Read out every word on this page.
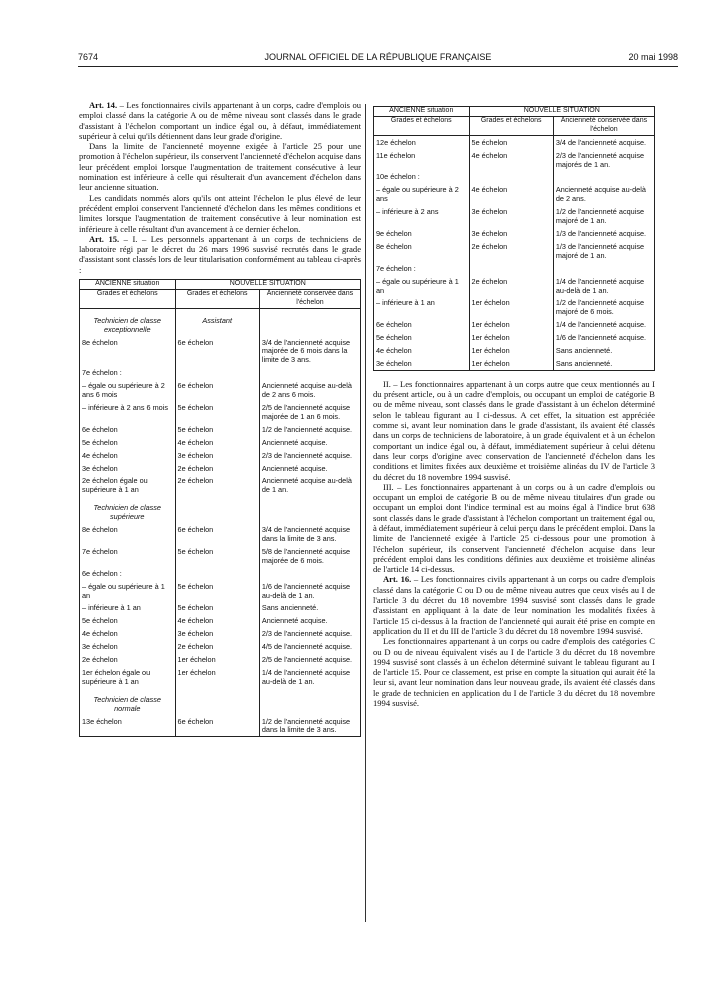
7674	JOURNAL OFFICIEL DE LA RÉPUBLIQUE FRANÇAISE	20 mai 1998

Art. 14. – Les fonctionnaires civils appartenant à un corps, cadre d'emplois ou emploi classé dans la catégorie A ou de même niveau sont classés dans le grade d'assistant à l'échelon comportant un indice égal ou, à défaut, immédiatement supérieur à celui qu'ils détiennent dans leur grade d'origine.

Dans la limite de l'ancienneté moyenne exigée à l'article 25 pour une promotion à l'échelon supérieur, ils conservent l'ancienneté d'échelon acquise dans leur précédent emploi lorsque l'augmentation de traitement consécutive à leur nomination est inférieure à celle qui résulterait d'un avancement d'échelon dans leur ancienne situation.

Les candidats nommés alors qu'ils ont atteint l'échelon le plus élevé de leur précédent emploi conservent l'ancienneté d'échelon dans les mêmes conditions et limites lorsque l'augmentation de traitement consécutive à leur nomination est inférieure à celle résultant d'un avancement à ce dernier échelon.

Art. 15. – I. – Les personnels appartenant à un corps de techniciens de laboratoire régi par le décret du 26 mars 1996 susvisé recrutés dans le grade d'assistant sont classés lors de leur titularisation conformément au tableau ci-après :

ANCIENNE situation	NOUVELLE SITUATION	
Grades et échelons	Grades et échelons	Ancienneté conservée dans l'échelon
Technicien de classe exceptionnelle	Assistant	
8e échelon	6e échelon	3/4 de l'ancienneté acquise majorée de 6 mois dans la limite de 3 ans.
7e échelon :		
– égale ou supérieure à 2 ans 6 mois	6e échelon	Ancienneté acquise au-delà de 2 ans 6 mois.
– inférieure à 2 ans 6 mois	5e échelon	2/5 de l'ancienneté acquise majorée de 1 an 6 mois.
6e échelon	5e échelon	1/2 de l'ancienneté acquise.
5e échelon	4e échelon	Ancienneté acquise.
4e échelon	3e échelon	2/3 de l'ancienneté acquise.
3e échelon	2e échelon	Ancienneté acquise.
2e échelon égale ou supérieure à 1 an	2e échelon	Ancienneté acquise au-delà de 1 an.
Technicien de classe supérieure		
8e échelon	6e échelon	3/4 de l'ancienneté acquise dans la limite de 3 ans.
7e échelon	5e échelon	5/8 de l'ancienneté acquise majorée de 6 mois.
6e échelon :		
– égale ou supérieure à 1 an	5e échelon	1/6 de l'ancienneté acquise au-delà de 1 an.
– inférieure à 1 an	5e échelon	Sans ancienneté.
5e échelon	4e échelon	Ancienneté acquise.
4e échelon	3e échelon	2/3 de l'ancienneté acquise.
3e échelon	2e échelon	4/5 de l'ancienneté acquise.
2e échelon	1er échelon	2/5 de l'ancienneté acquise.
1er échelon égale ou supérieure à 1 an	1er échelon	1/4 de l'ancienneté acquise au-delà de 1 an.
Technicien de classe normale		
13e échelon	6e échelon	1/2 de l'ancienneté acquise dans la limite de 3 ans.
ANCIENNE situation	NOUVELLE SITUATION	
Grades et échelons	Grades et échelons	Ancienneté conservée dans l'échelon
12e échelon	5e échelon	3/4 de l'ancienneté acquise.
11e échelon	4e échelon	2/3 de l'ancienneté acquise majorés de 1 an.
10e échelon :		
– égale ou supérieure à 2 ans	4e échelon	Ancienneté acquise au-delà de 2 ans.
– inférieure à 2 ans	3e échelon	1/2 de l'ancienneté acquise majoré de 1 an.
9e échelon	3e échelon	1/3 de l'ancienneté acquise.
8e échelon	2e échelon	1/3 de l'ancienneté acquise majoré de 1 an.
7e échelon :		
– égale ou supérieure à 1 an	2e échelon	1/4 de l'ancienneté acquise au-delà de 1 an.
– inférieure à 1 an	1er échelon	1/2 de l'ancienneté acquise majoré de 6 mois.
6e échelon	1er échelon	1/4 de l'ancienneté acquise.
5e échelon	1er échelon	1/6 de l'ancienneté acquise.
4e échelon	1er échelon	Sans ancienneté.
3e échelon	1er échelon	Sans ancienneté.

II. – Les fonctionnaires appartenant à un corps autre que ceux mentionnés au I du présent article, ou à un cadre d'emplois, ou occupant un emploi de catégorie B ou de même niveau, sont classés dans le grade d'assistant à un échelon déterminé selon le tableau figurant au I ci-dessus. A cet effet, la situation est appréciée comme si, avant leur nomination dans le grade d'assistant, ils avaient été classés dans un corps de techniciens de laboratoire, à un grade équivalent et à un échelon comportant un indice égal ou, à défaut, immédiatement supérieur à celui détenu dans leur corps d'origine avec conservation de l'ancienneté d'échelon dans les conditions et limites fixées aux deuxième et troisième alinéas du IV de l'article 3 du décret du 18 novembre 1994 susvisé.

III. – Les fonctionnaires appartenant à un corps ou à un cadre d'emplois ou occupant un emploi de catégorie B ou de même niveau titulaires d'un grade ou occupant un emploi dont l'indice terminal est au moins égal à l'indice brut 638 sont classés dans le grade d'assistant à l'échelon comportant un traitement égal ou, à défaut, immédiatement supérieur à celui perçu dans le précédent emploi. Dans la limite de l'ancienneté exigée à l'article 25 ci-dessous pour une promotion à l'échelon supérieur, ils conservent l'ancienneté d'échelon acquise dans leur précédent emploi dans les conditions définies aux deuxième et troisième alinéas de l'article 14 ci-dessus.

Art. 16. – Les fonctionnaires civils appartenant à un corps ou cadre d'emplois classé dans la catégorie C ou D ou de même niveau autres que ceux visés au I de l'article 3 du décret du 18 novembre 1994 susvisé sont classés dans le grade d'assistant en appliquant à la date de leur nomination les modalités fixées à l'article 15 ci-dessus à la fraction de l'ancienneté qui aurait été prise en compte en application du II et du III de l'article 3 du décret du 18 novembre 1994 susvisé.

Les fonctionnaires appartenant à un corps ou cadre d'emplois des catégories C ou D ou de niveau équivalent visés au I de l'article 3 du décret du 18 novembre 1994 susvisé sont classés à un échelon déterminé suivant le tableau figurant au I de l'article 15. Pour ce classement, est prise en compte la situation qui aurait été la leur si, avant leur nomination dans leur nouveau grade, ils avaient été classés dans le grade de technicien en application du I de l'article 3 du décret du 18 novembre 1994 susvisé.
